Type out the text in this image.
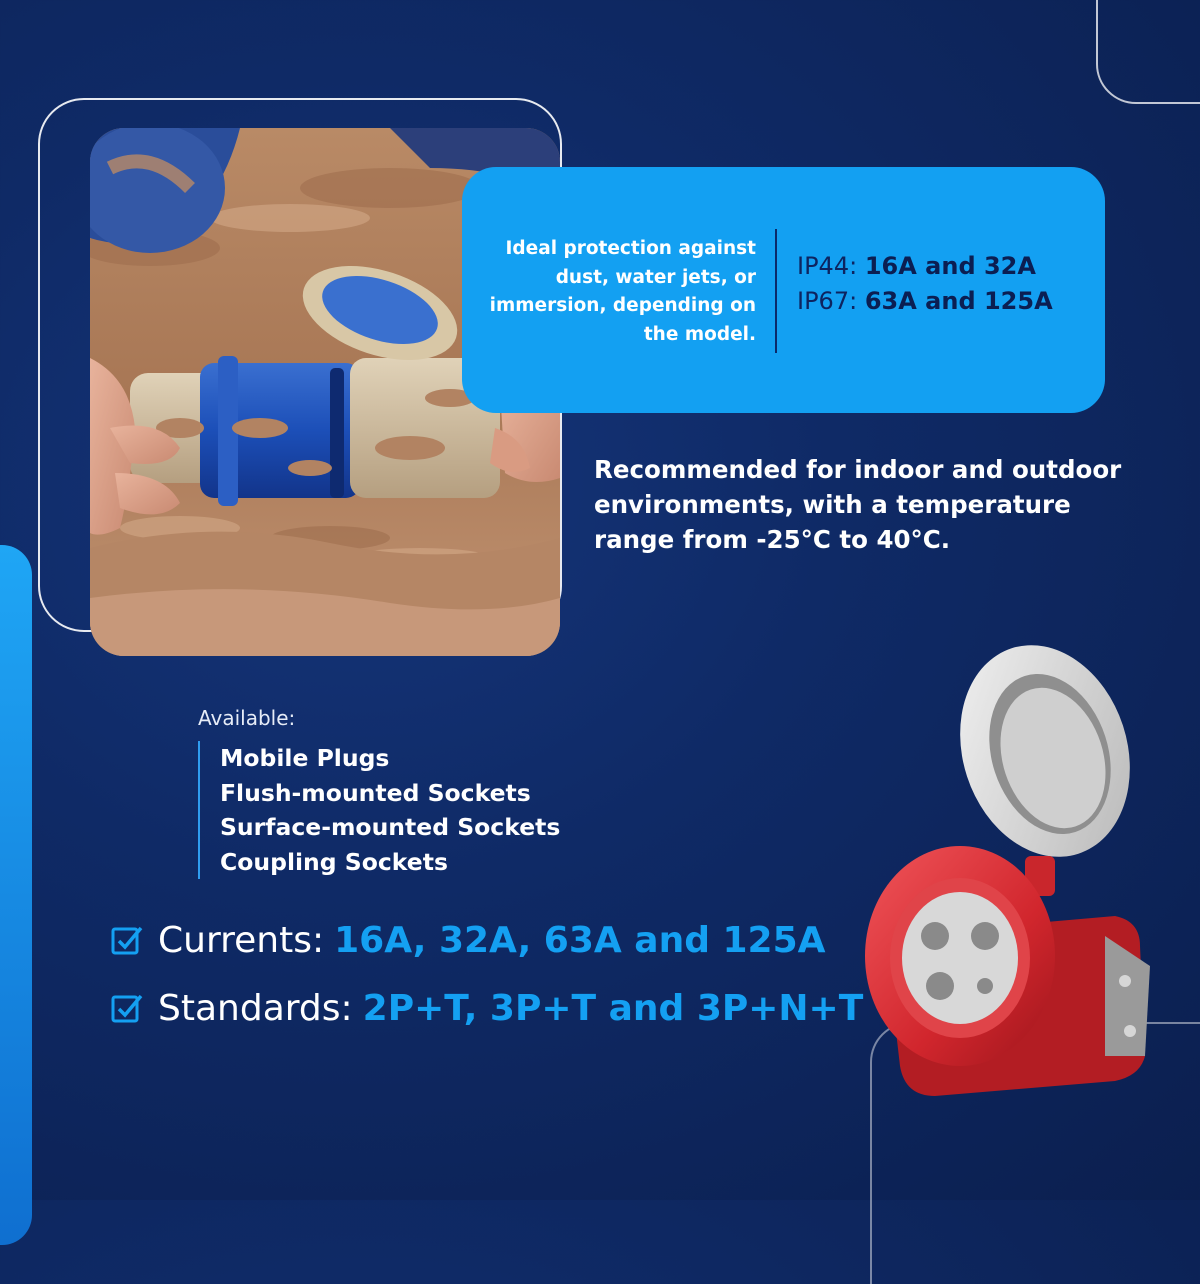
Ideal protection against dust, water jets, or immersion, depending on the model.
IP44: 16A and 32A
IP67: 63A and 125A
Recommended for indoor and outdoor environments, with a temperature range from -25°C to 40°C.
Available:
Mobile Plugs
Flush-mounted Sockets
Surface-mounted Sockets
Coupling Sockets
Currents: 16A, 32A, 63A and 125A
Standards: 2P+T, 3P+T and 3P+N+T
